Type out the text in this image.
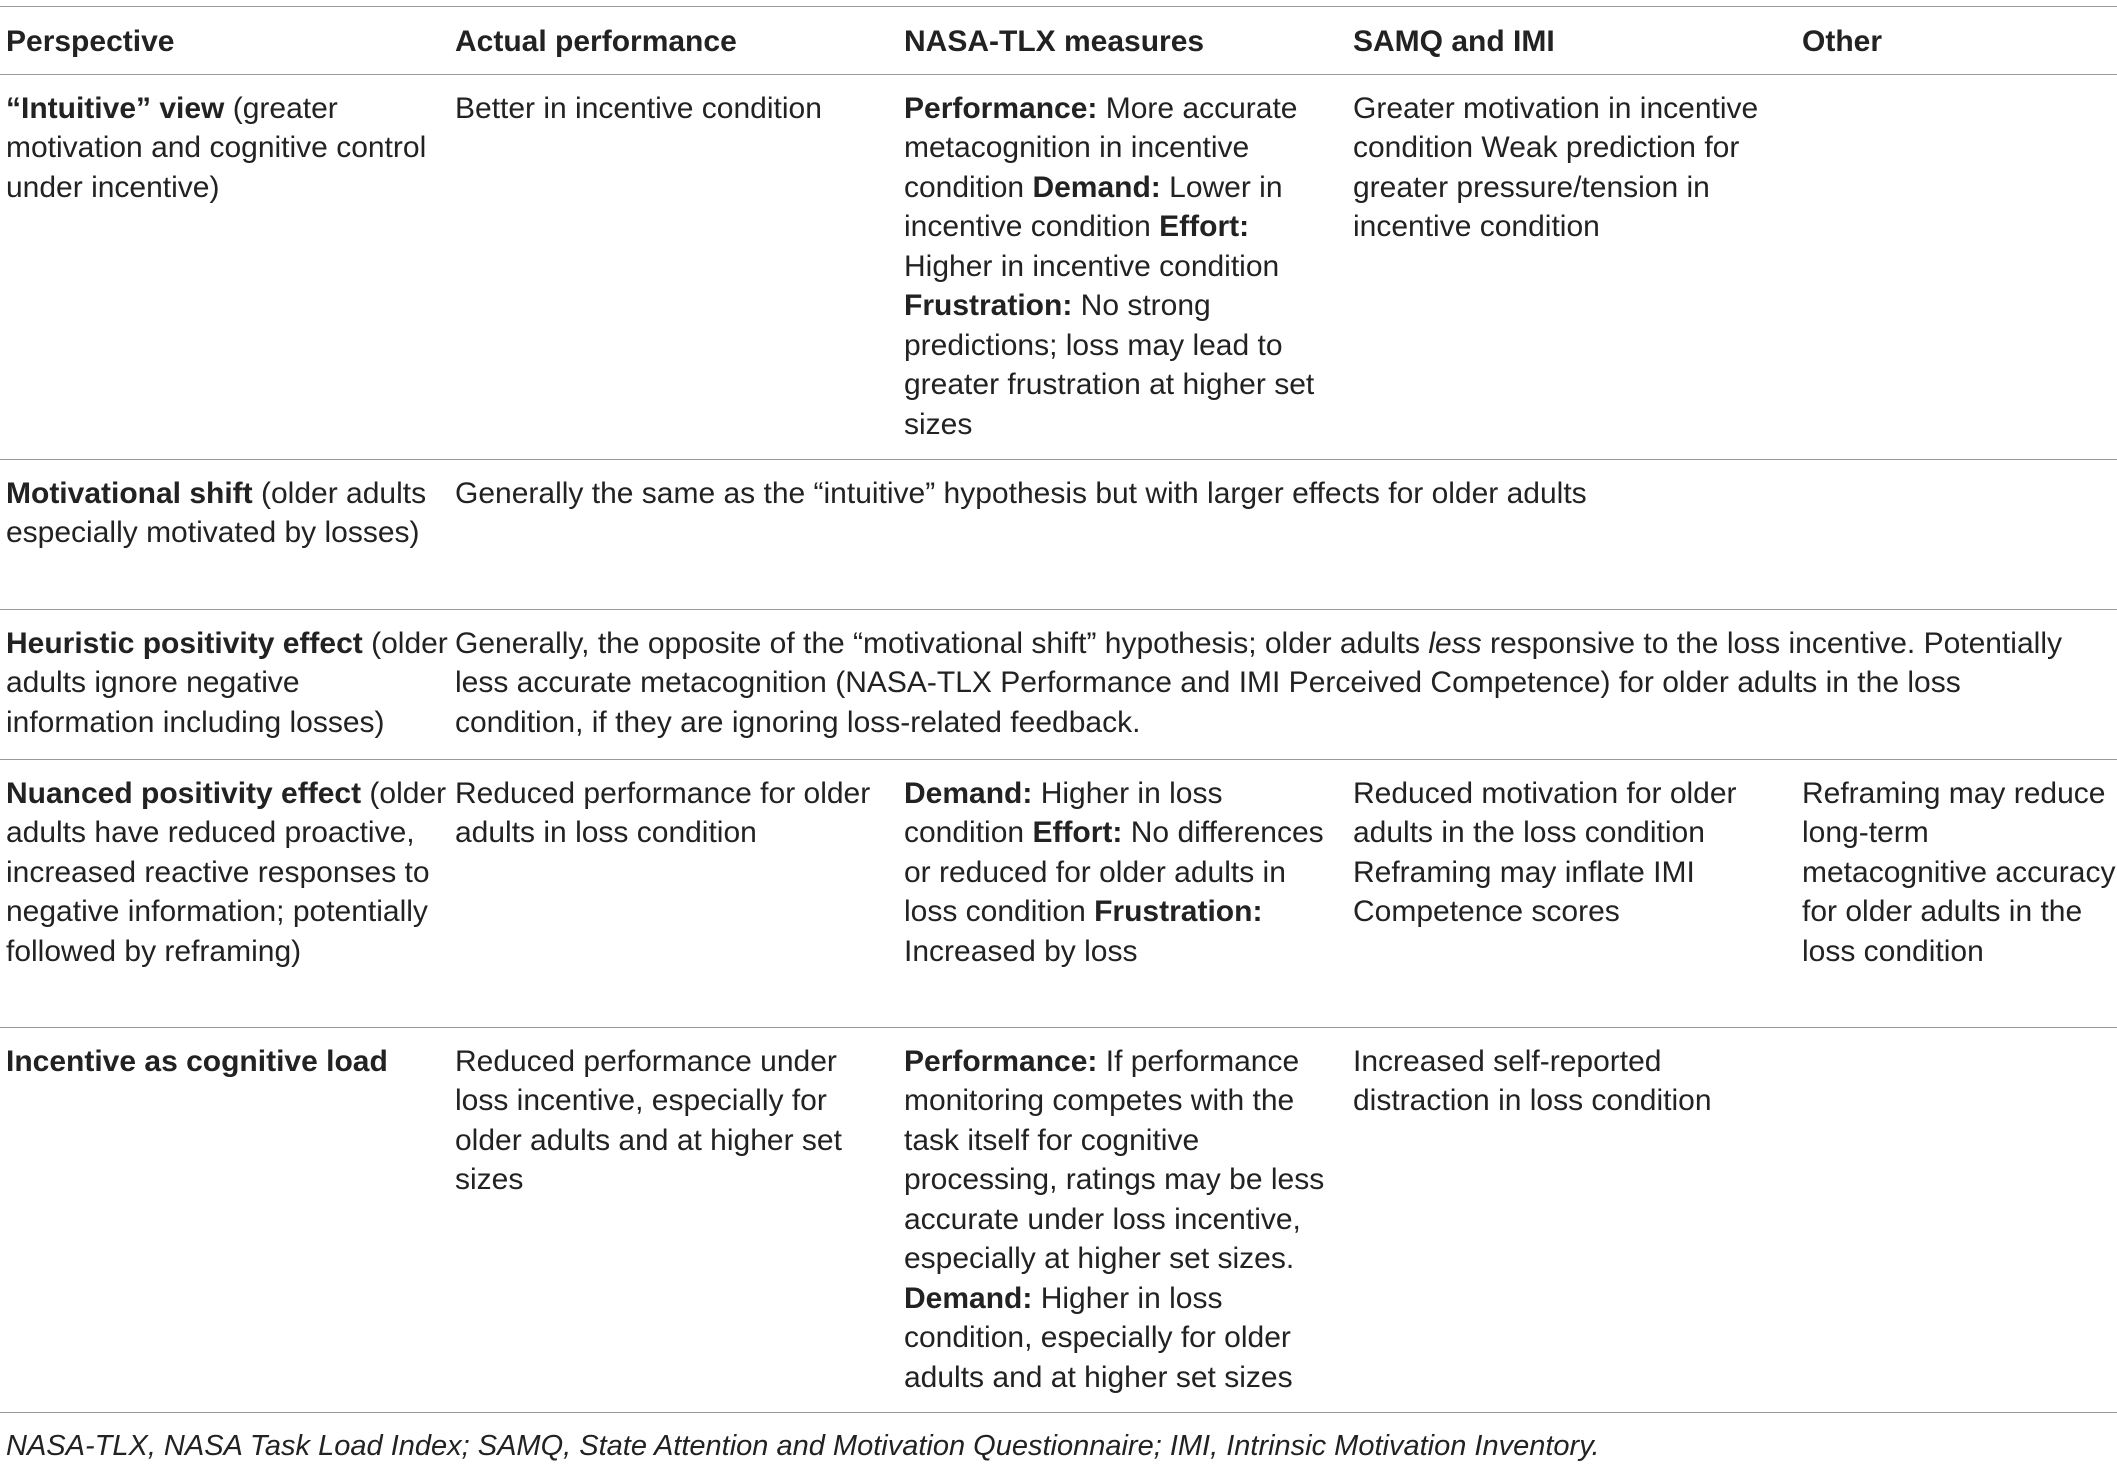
Perspective	Actual performance	NASA-TLX measures	SAMQ and IMI	Other
“Intuitive” view (greater motivation and cognitive control under incentive)	Better in incentive condition	Performance: More accurate metacognition in incentive condition Demand: Lower in incentive condition Effort: Higher in incentive condition Frustration: No strong predictions; loss may lead to greater frustration at higher set sizes	Greater motivation in incentive condition Weak prediction for greater pressure/tension in incentive condition	
Motivational shift (older adults especially motivated by losses)	Generally the same as the “intuitive” hypothesis but with larger effects for older adults			
Heuristic positivity effect (older adults ignore negative information including losses)	Generally, the opposite of the “motivational shift” hypothesis; older adults less responsive to the loss incentive. Potentially less accurate metacognition (NASA-TLX Performance and IMI Perceived Competence) for older adults in the loss condition, if they are ignoring loss-related feedback.			
Nuanced positivity effect (older adults have reduced proactive, increased reactive responses to negative information; potentially followed by reframing)	Reduced performance for older adults in loss condition	Demand: Higher in loss condition Effort: No differences or reduced for older adults in loss condition Frustration: Increased by loss	Reduced motivation for older adults in the loss condition Reframing may inflate IMI Competence scores	Reframing may reduce long-term metacognitive accuracy for older adults in the loss condition
Incentive as cognitive load	Reduced performance under loss incentive, especially for older adults and at higher set sizes	Performance: If performance monitoring competes with the task itself for cognitive processing, ratings may be less accurate under loss incentive, especially at higher set sizes. Demand: Higher in loss condition, especially for older adults and at higher set sizes	Increased self-reported distraction in loss condition	
NASA-TLX, NASA Task Load Index; SAMQ, State Attention and Motivation Questionnaire; IMI, Intrinsic Motivation Inventory.
